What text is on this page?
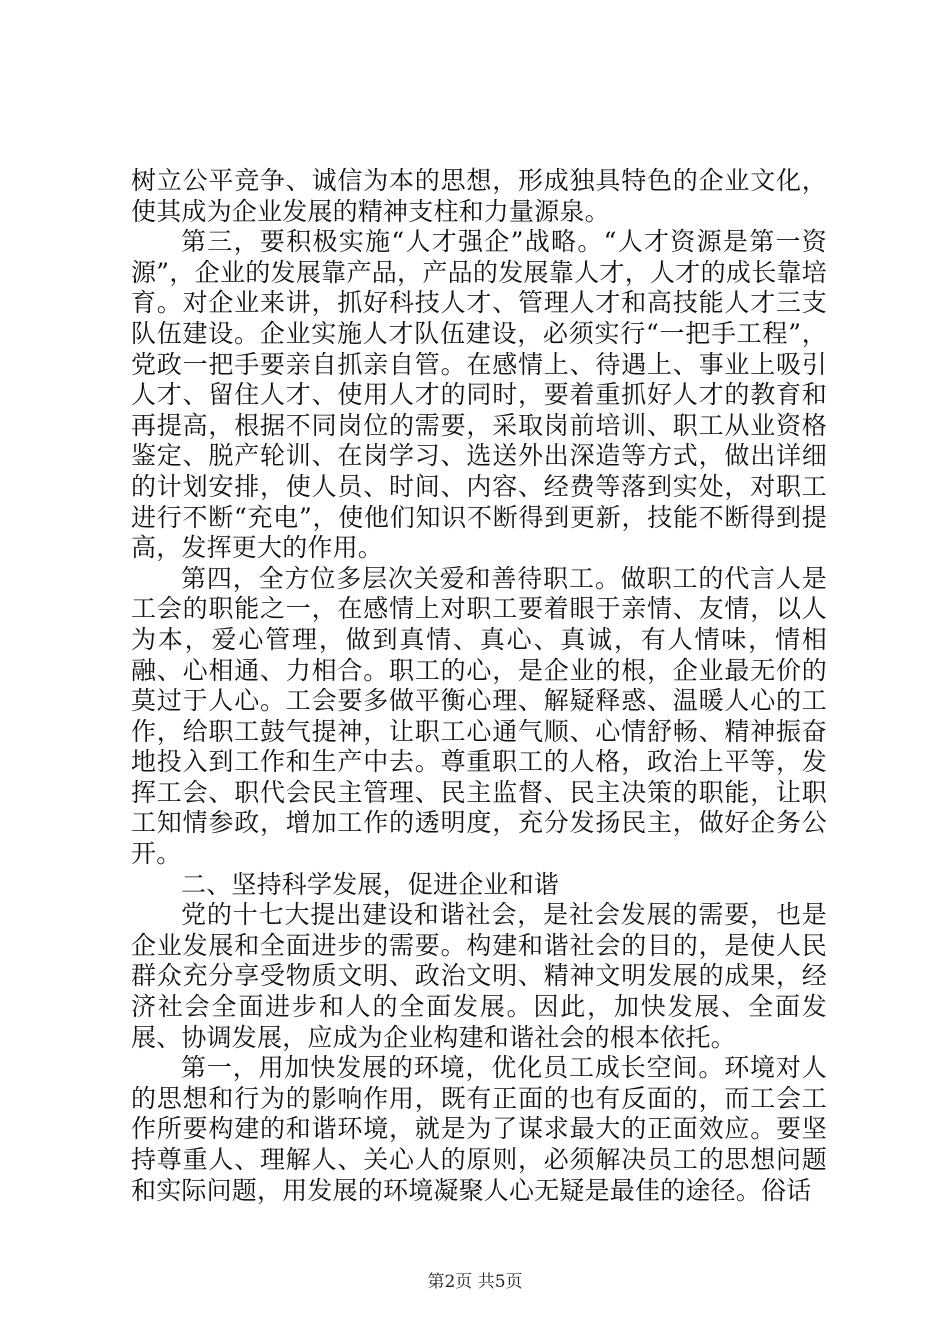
树立公平竞争、诚信为本的思想，形成独具特色的企业文化，使其成为企业发展的精神支柱和力量源泉。

第三，要积极实施“人才强企”战略。“人才资源是第一资源”，企业的发展靠产品，产品的发展靠人才，人才的成长靠培育。对企业来讲，抓好科技人才、管理人才和高技能人才三支队伍建设。企业实施人才队伍建设，必须实行“一把手工程”，党政一把手要亲自抓亲自管。在感情上、待遇上、事业上吸引人才、留住人才、使用人才的同时，要着重抓好人才的教育和再提高，根据不同岗位的需要，采取岗前培训、职工从业资格鉴定、脱产轮训、在岗学习、选送外出深造等方式，做出详细的计划安排，使人员、时间、内容、经费等落到实处，对职工进行不断“充电”，使他们知识不断得到更新，技能不断得到提高，发挥更大的作用。

第四，全方位多层次关爱和善待职工。做职工的代言人是工会的职能之一，在感情上对职工要着眼于亲情、友情，以人为本，爱心管理，做到真情、真心、真诚，有人情味，情相融、心相通、力相合。职工的心，是企业的根，企业最无价的莫过于人心。工会要多做平衡心理、解疑释惑、温暖人心的工作，给职工鼓气提神，让职工心通气顺、心情舒畅、精神振奋地投入到工作和生产中去。尊重职工的人格，政治上平等，发挥工会、职代会民主管理、民主监督、民主决策的职能，让职工知情参政，增加工作的透明度，充分发扬民主，做好企务公开。

二、坚持科学发展，促进企业和谐

党的十七大提出建设和谐社会，是社会发展的需要，也是企业发展和全面进步的需要。构建和谐社会的目的，是使人民群众充分享受物质文明、政治文明、精神文明发展的成果，经济社会全面进步和人的全面发展。因此，加快发展、全面发展、协调发展，应成为企业构建和谐社会的根本依托。

第一，用加快发展的环境，优化员工成长空间。环境对人的思想和行为的影响作用，既有正面的也有反面的，而工会工作所要构建的和谐环境，就是为了谋求最大的正面效应。要坚持尊重人、理解人、关心人的原则，必须解决员工的思想问题和实际问题，用发展的环境凝聚人心无疑是最佳的途径。俗话

第2页 共5页
